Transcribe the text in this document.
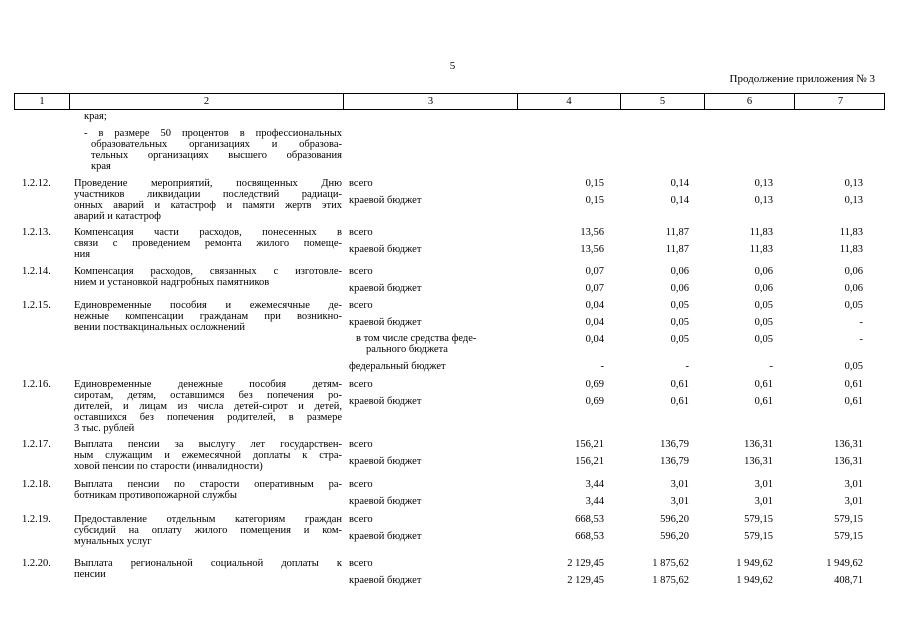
5
Продолжение приложения № 3
1	2	3	4	5	6	7
края;
- в размере 50 процентов в профессиональных
образовательных организациях и образова-
тельных организациях высшего образования
края
1.2.12. Проведение мероприятий, посвященных Дню
участников ликвидации последствий радиаци-
онных аварий и катастроф и памяти жертв этих
аварий и катастроф
всего	0,15	0,14	0,13	0,13
краевой бюджет	0,15	0,14	0,13	0,13
1.2.13. Компенсация части расходов, понесенных в
связи с проведением ремонта жилого помеще-
ния
всего	13,56	11,87	11,83	11,83
краевой бюджет	13,56	11,87	11,83	11,83
1.2.14. Компенсация расходов, связанных с изготовле-
нием и установкой надгробных памятников
всего	0,07	0,06	0,06	0,06
краевой бюджет	0,07	0,06	0,06	0,06
1.2.15. Единовременные пособия и ежемесячные де-
нежные компенсации гражданам при возникно-
вении поствакцинальных осложнений
всего	0,04	0,05	0,05	0,05
краевой бюджет	0,04	0,05	0,05	-
в том числе средства феде-
рального бюджета
0,04	0,05	0,05	-
федеральный бюджет	-	-	-	0,05
1.2.16. Единовременные денежные пособия детям-
сиротам, детям, оставшимся без попечения ро-
дителей, и лицам из числа детей-сирот и детей,
оставшихся без попечения родителей, в размере
3 тыс. рублей
всего	0,69	0,61	0,61	0,61
краевой бюджет	0,69	0,61	0,61	0,61
1.2.17. Выплата пенсии за выслугу лет государствен-
ным служащим и ежемесячной доплаты к стра-
ховой пенсии по старости (инвалидности)
всего	156,21	136,79	136,31	136,31
краевой бюджет	156,21	136,79	136,31	136,31
1.2.18. Выплата пенсии по старости оперативным ра-
ботникам противопожарной службы
всего	3,44	3,01	3,01	3,01
краевой бюджет	3,44	3,01	3,01	3,01
1.2.19. Предоставление отдельным категориям граждан
субсидий на оплату жилого помещения и ком-
мунальных услуг
всего	668,53	596,20	579,15	579,15
краевой бюджет	668,53	596,20	579,15	579,15
1.2.20. Выплата региональной социальной доплаты к
пенсии
всего	2 129,45	1 875,62	1 949,62	1 949,62
краевой бюджет	2 129,45	1 875,62	1 949,62	408,71
